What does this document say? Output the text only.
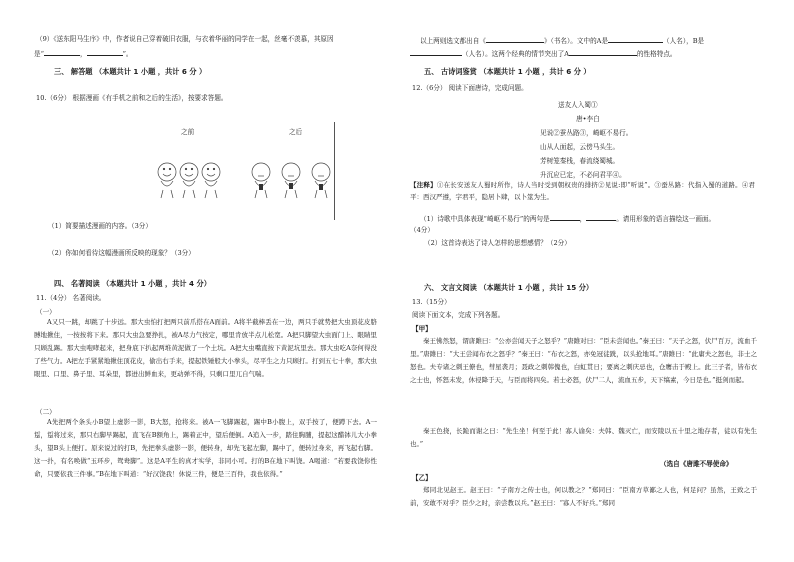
（9）《送东阳马生序》中，作者说自己穿着破旧衣服，与衣着华丽的同学在一起，丝毫不羡慕，其原因
是“	，	”。
三、 解答题 （本题共计 1 小题 ，共计 6 分 ）
10.（6分） 根据漫画《有手机之前和之后的生活》，按要求答题。
之前	之后
（1）简要描述漫画的内容。（3分）
（2）你如何看待这幅漫画所反映的现象？（3分）
四、 名著阅读 （本题共计 1 小题 ，共计 4 分）
11.（4分） 名著阅读。
（一）
A又只一跳，却跳了十步远。那大虫怕打把两只前爪搭在A面前。A将半截棒丢在一边，两只手就势把大虫顶花皮胳膊地揪住，一按按将下来。那只大虫急要挣扎，被A尽力气按定，哪里肯放半点儿松宽。A把只脚望大虫面门上、眼睛里只顾乱踢。那大虫咆哮起来，把身底下扒起两堆黄泥做了一个土坑。A把大虫嘴直按下黄泥坑里去。那大虫吃A奈何得没了些气力。A把左手紧紧地揪住顶花皮，偷出右手来，提起铁锤般大小拳头，尽平生之力只顾打。打到五七十拳，那大虫眼里、口里、鼻子里、耳朵里，都迸出鲜血来，更动弹不得，只剩口里兀自气喘。
（二）
A先把两个条头小B望上虚影一影，B大怒，抢将来。被A一飞脚踢起，踢中B小腹上，双手按了，便蹲下去。A一踅，踅将过来，那只右脚早踢起，直飞在B额角上，踢着正中，望后便倒。A追入一步，踏住胸脯，提起这醋钵儿大小拳头，望B头上便打。原来说过的打B，先把拳头虚影一影，便转身，却先飞起左脚，踢中了，便转过身来，再飞起右脚。这一扑，有名唤做“玉环步，鸳鸯脚”。这是A平生的真才实学，非同小可。打的B在地下叫饶。A喝道：“若要我饶你性命，只要依我三件事。”B在地下叫道：“好汉饶我！休说三件，便是三百件，我也依得。”
以上两则选文都出自《	》（书名）。文中的A是	（人名），B是
（人名）。这两个经典的情节突出了A	的性格特点。
五、 古诗词鉴赏 （本题共计 1 小题 ，共计 6 分 ）
12.（6分） 阅读下面唐诗，完成问题。
送友人入蜀①
唐•李白
见说②蚕丛路③，崎岖不易行。
山从人面起，云傍马头生。
芳树笼秦栈，春流绕蜀城。
升沉应已定，不必问君平④。
【注释】①在长安送友人蜀时所作，诗人当时受到朝权贵的排挤②见说:即“听说”。③蚕丛路：代指入蜀的道路。④君平：西汉严遵，字君平，隐居卜肆，以卜筮为生。
（1）诗歌中具体表现“崎岖不易行”的两句是	，	。请用形象的语言描绘这一画面。
（4分）
（2）这首诗表达了诗人怎样的思想感情？（2分）
六、 文言文阅读 （本题共计 1 小题 ，共计 15 分）
13.（15分）
阅读下面文本，完成下列各题。
【甲】
秦王怫然怒，谓唐雎曰：“公亦尝闻天子之怒乎？”唐雎对曰：“臣未尝闻也。”秦王曰：“天子之怒，伏尸百万，流血千里。”唐雎曰：“大王尝闻布衣之怒乎？”秦王曰：“布衣之怒，亦免冠徒跣，以头抢地耳。”唐雎曰：“此庸夫之怒也，非士之怒也。夫专诸之刺王僚也，彗星袭月；聂政之刺韩傀也，白虹贯日；要离之刺庆忌也，仓鹰击于殿上。此三子者，皆布衣之士也，怀怒未发，休祲降于天，与臣而将四矣。若士必怒，伏尸二人，流血五步，天下缟素，今日是也。”挺剑而起。
秦王色挠，长跪而谢之曰：“先生坐！何至于此！寡人谕矣：夫韩、魏灭亡，而安陵以五十里之地存者，徒以有先生也。”
（选自《唐雎不辱使命》
【乙】
郑同北见赵王。赵王曰：“子南方之传士也，何以教之？”郑同曰：“臣南方草鄙之人也，何足问？虽然，王致之于前，安敢不对乎？臣少之时，亲尝教以兵。”赵王曰：“寡人不好兵。”郑同
